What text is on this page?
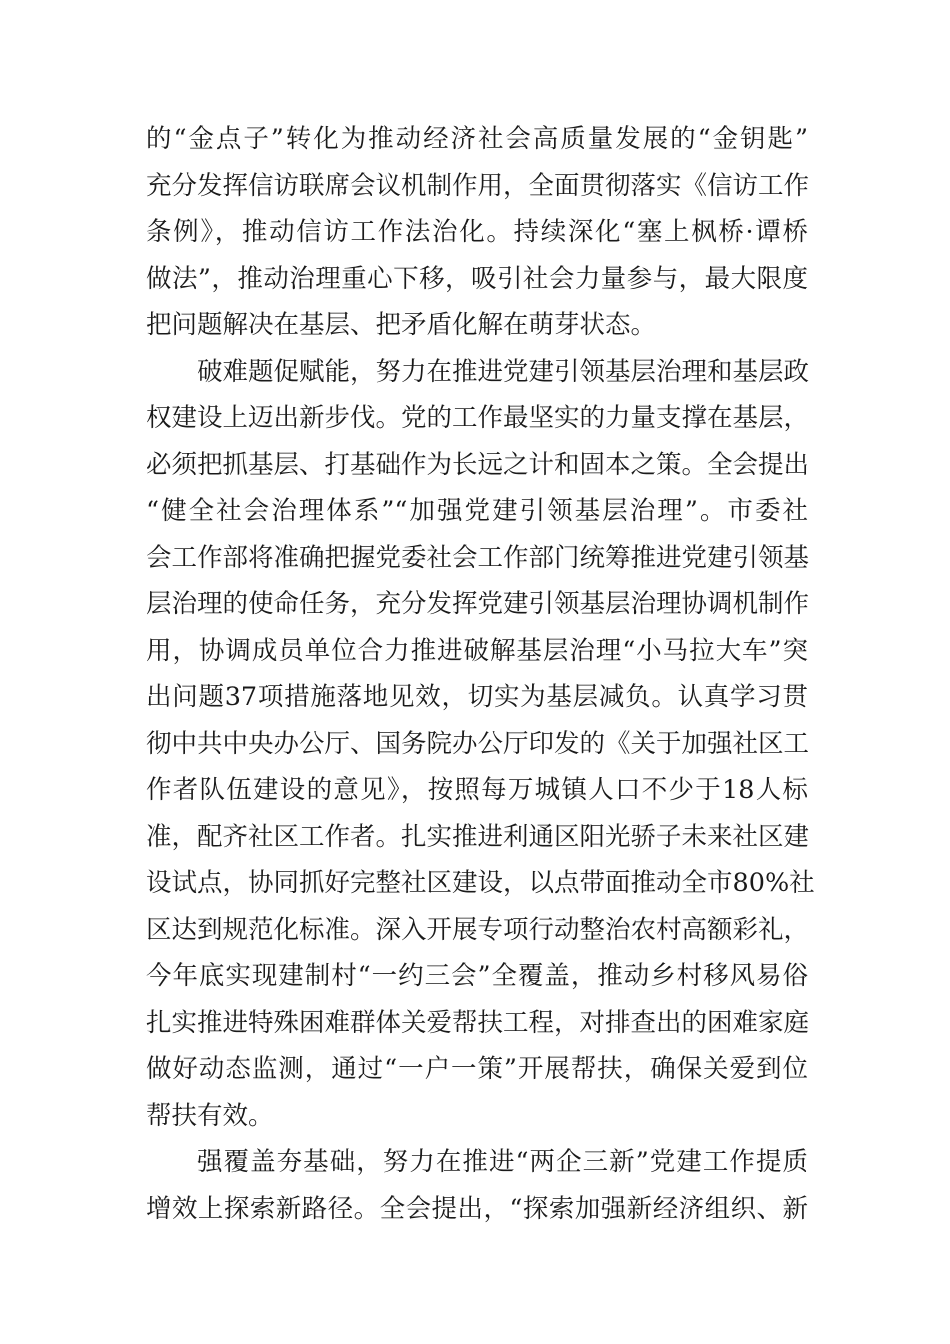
的“金点子”转化为推动经济社会高质量发展的“金钥匙”
充分发挥信访联席会议机制作用，全面贯彻落实《信访工作
条例》，推动信访工作法治化。持续深化“塞上枫桥·谭桥
做法”，推动治理重心下移，吸引社会力量参与，最大限度
把问题解决在基层、把矛盾化解在萌芽状态。
破难题促赋能，努力在推进党建引领基层治理和基层政
权建设上迈出新步伐。党的工作最坚实的力量支撑在基层，
必须把抓基层、打基础作为长远之计和固本之策。全会提出
“健全社会治理体系”“加强党建引领基层治理”。市委社
会工作部将准确把握党委社会工作部门统筹推进党建引领基
层治理的使命任务，充分发挥党建引领基层治理协调机制作
用，协调成员单位合力推进破解基层治理“小马拉大车”突
出问题37项措施落地见效，切实为基层减负。认真学习贯
彻中共中央办公厅、国务院办公厅印发的《关于加强社区工
作者队伍建设的意见》，按照每万城镇人口不少于18人标
准，配齐社区工作者。扎实推进利通区阳光骄子未来社区建
设试点，协同抓好完整社区建设，以点带面推动全市80%社
区达到规范化标准。深入开展专项行动整治农村高额彩礼，
今年底实现建制村“一约三会”全覆盖，推动乡村移风易俗
扎实推进特殊困难群体关爱帮扶工程，对排查出的困难家庭
做好动态监测，通过“一户一策”开展帮扶，确保关爱到位
帮扶有效。
强覆盖夯基础，努力在推进“两企三新”党建工作提质
增效上探索新路径。全会提出，“探索加强新经济组织、新
